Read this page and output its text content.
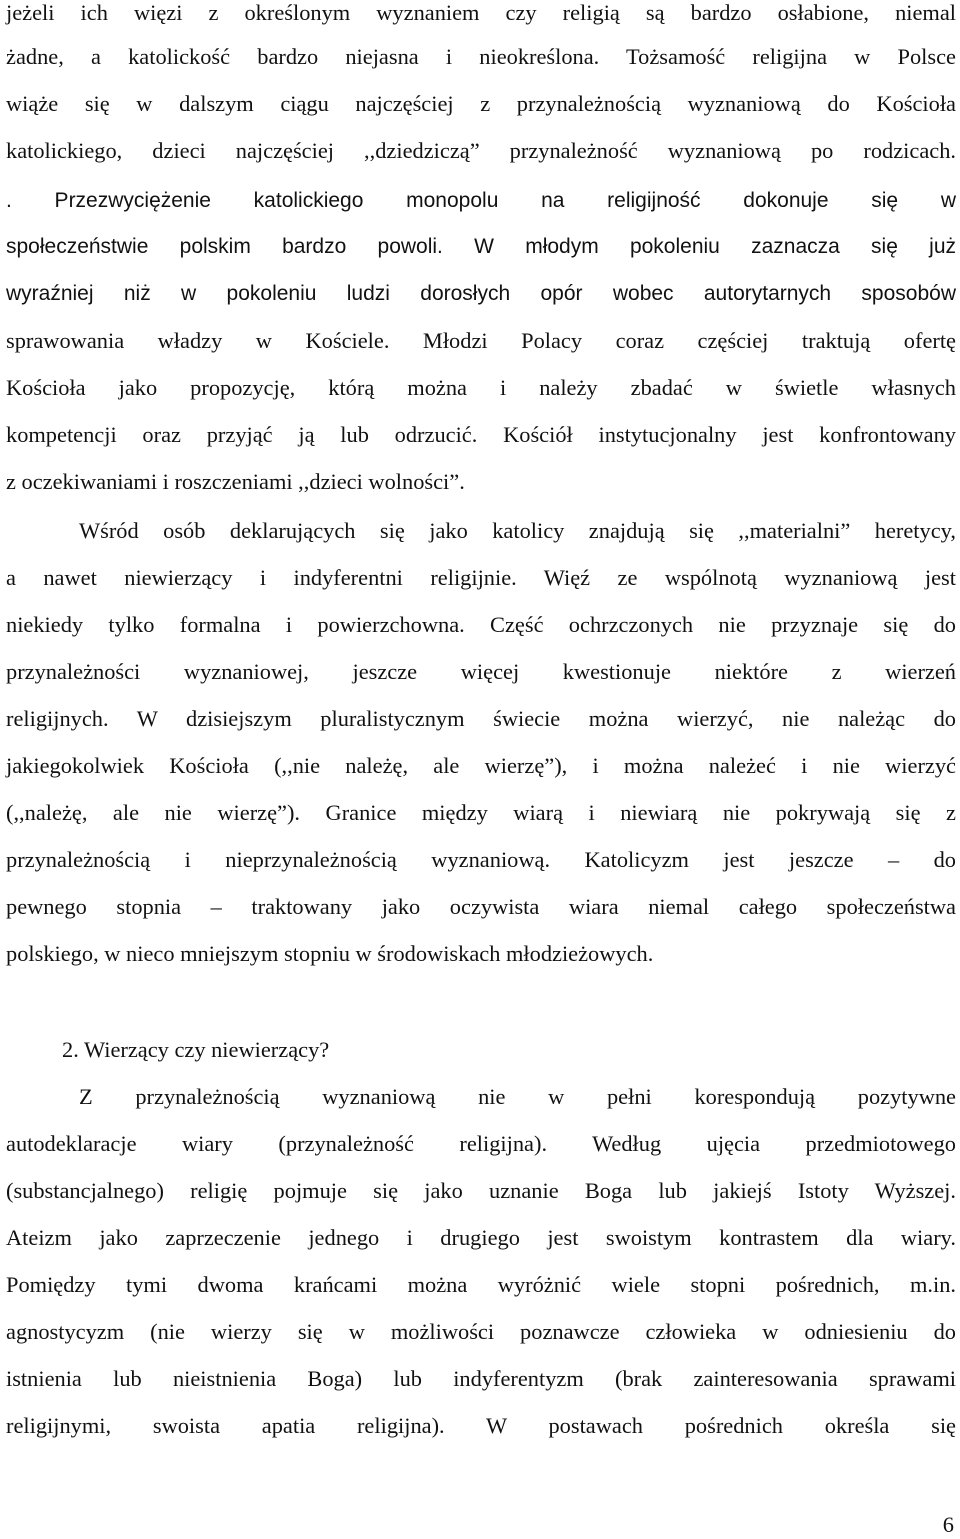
jeżeli ich więzi z określonym wyznaniem czy religią są bardzo osłabione, niemal
żadne, a katolickość bardzo niejasna i nieokreślona. Tożsamość religijna w Polsce
wiąże się w dalszym ciągu najczęściej z przynależnością wyznaniową do Kościoła
katolickiego, dzieci najczęściej ,,dziedziczą” przynależność wyznaniową po rodzicach.
. Przezwyciężenie katolickiego monopolu na religijność dokonuje się w
społeczeństwie polskim bardzo powoli. W młodym pokoleniu zaznacza się już
wyraźniej niż w pokoleniu ludzi dorosłych opór wobec autorytarnych sposobów
sprawowania władzy w Kościele. Młodzi Polacy coraz częściej traktują ofertę
Kościoła jako propozycję, którą można i należy zbadać w świetle własnych
kompetencji oraz przyjąć ją lub odrzucić. Kościół instytucjonalny jest konfrontowany
z oczekiwaniami i roszczeniami ,,dzieci wolności”.
Wśród osób deklarujących się jako katolicy znajdują się ,,materialni” heretycy,
a nawet niewierzący i indyferentni religijnie. Więź ze wspólnotą wyznaniową jest
niekiedy tylko formalna i powierzchowna. Część ochrzczonych nie przyznaje się do
przynależności wyznaniowej, jeszcze więcej kwestionuje niektóre z wierzeń
religijnych. W dzisiejszym pluralistycznym świecie można wierzyć, nie należąc do
jakiegokolwiek Kościoła (,,nie należę, ale wierzę”), i można należeć i nie wierzyć
(,,należę, ale nie wierzę”). Granice między wiarą i niewiarą nie pokrywają się z
przynależnością i nieprzynależnością wyznaniową. Katolicyzm jest jeszcze – do
pewnego stopnia – traktowany jako oczywista wiara niemal całego społeczeństwa
polskiego, w nieco mniejszym stopniu w środowiskach młodzieżowych.
2. Wierzący czy niewierzący?
Z przynależnością wyznaniową nie w pełni korespondują pozytywne
autodeklaracje wiary (przynależność religijna). Według ujęcia przedmiotowego
(substancjalnego) religię pojmuje się jako uznanie Boga lub jakiejś Istoty Wyższej.
Ateizm jako zaprzeczenie jednego i drugiego jest swoistym kontrastem dla wiary.
Pomiędzy tymi dwoma krańcami można wyróżnić wiele stopni pośrednich, m.in.
agnostycyzm (nie wierzy się w możliwości poznawcze człowieka w odniesieniu do
istnienia lub nieistnienia Boga) lub indyferentyzm (brak zainteresowania sprawami
religijnymi, swoista apatia religijna). W postawach pośrednich określa się
6
